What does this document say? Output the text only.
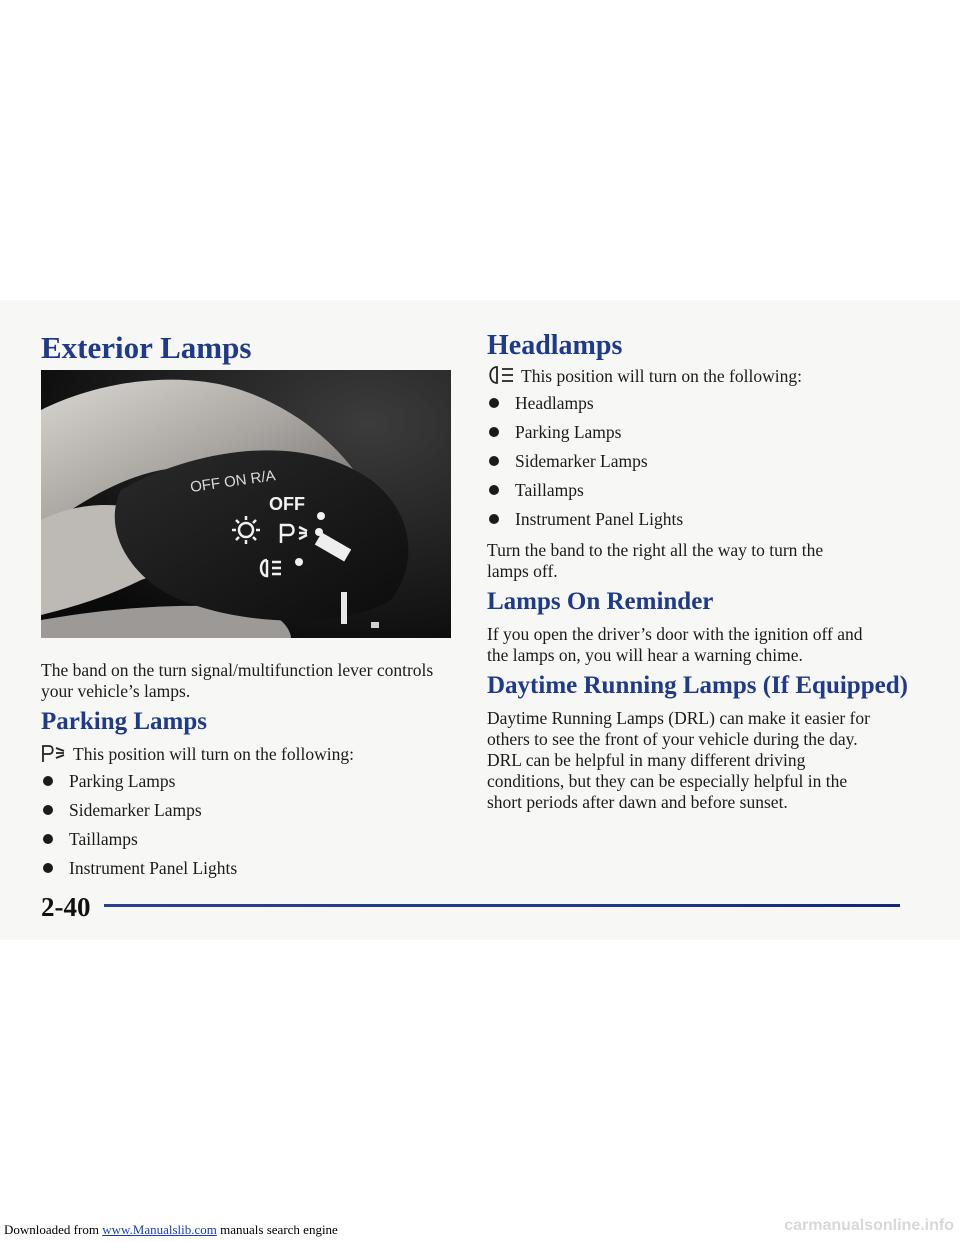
Exterior Lamps
OFF ON R/A
OFF

The band on the turn signal/multifunction lever controls

your vehicle’s lamps.

Parking Lamps
This position will turn on the following:
Parking Lamps
Sidemarker Lamps
Taillamps
Instrument Panel Lights
Headlamps
This position will turn on the following:
Headlamps
Parking Lamps
Sidemarker Lamps
Taillamps
Instrument Panel Lights

Turn the band to the right all the way to turn the

lamps off.

Lamps On Reminder

If you open the driver’s door with the ignition off and

the lamps on, you will hear a warning chime.

Daytime Running Lamps (If Equipped)

Daytime Running Lamps (DRL) can make it easier for

others to see the front of your vehicle during the day.

DRL can be helpful in many different driving

conditions, but they can be especially helpful in the

short periods after dawn and before sunset.

2-40

Downloaded from www.Manualslib.com manuals search engine	carmanualsonline.info
